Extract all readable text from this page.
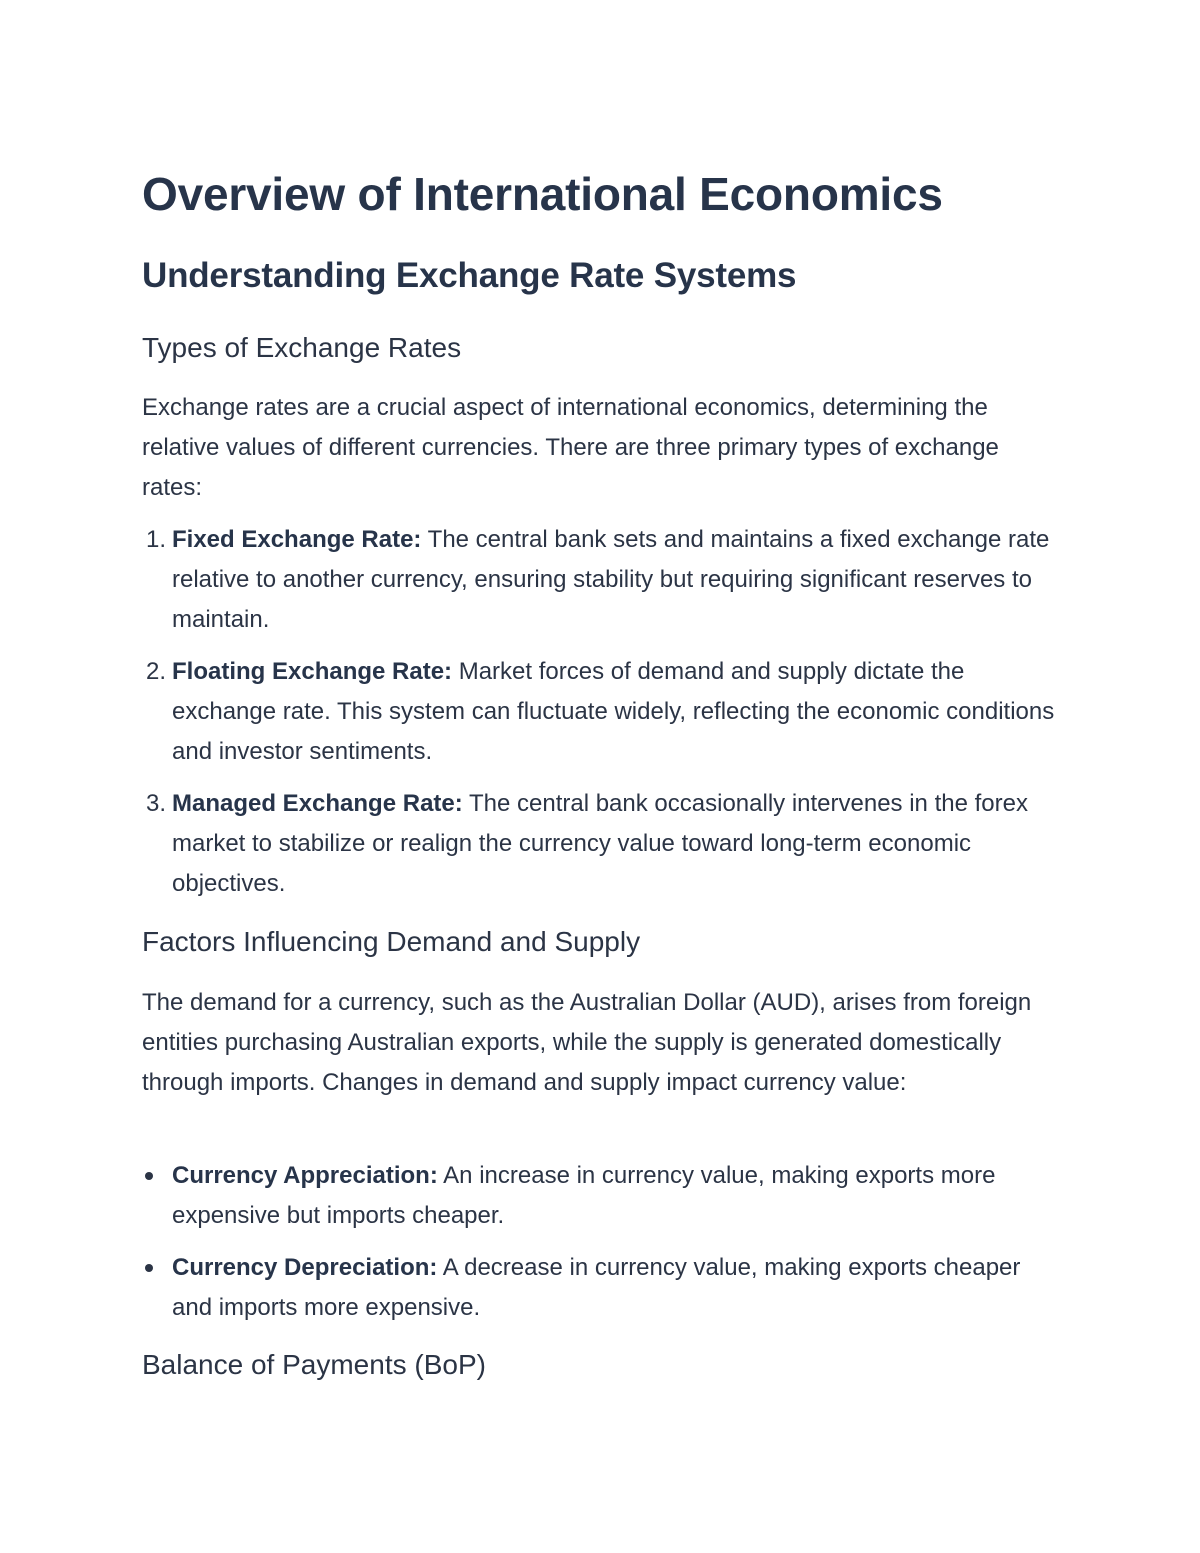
Overview of International Economics
Understanding Exchange Rate Systems
Types of Exchange Rates

Exchange rates are a crucial aspect of international economics, determining the relative values of different currencies. There are three primary types of exchange rates:

1. Fixed Exchange Rate: The central bank sets and maintains a fixed exchange rate relative to another currency, ensuring stability but requiring significant reserves to maintain.
2. Floating Exchange Rate: Market forces of demand and supply dictate the exchange rate. This system can fluctuate widely, reflecting the economic conditions and investor sentiments.
3. Managed Exchange Rate: The central bank occasionally intervenes in the forex market to stabilize or realign the currency value toward long-term economic objectives.
Factors Influencing Demand and Supply

The demand for a currency, such as the Australian Dollar (AUD), arises from foreign entities purchasing Australian exports, while the supply is generated domestically through imports. Changes in demand and supply impact currency value:

Currency Appreciation: An increase in currency value, making exports more expensive but imports cheaper.
Currency Depreciation: A decrease in currency value, making exports cheaper and imports more expensive.
Balance of Payments (BoP)
